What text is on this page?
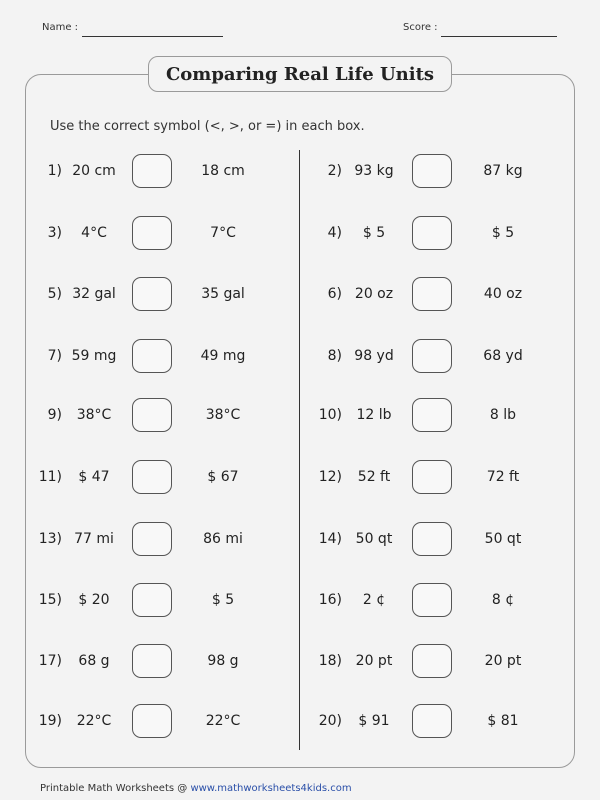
Name :	Score :
Comparing Real Life Units
Use the correct symbol (<, >, or =) in each box.
1) 20 cm	18 cm	2) 93 kg	87 kg
3)	4°C	7°C	4)	$ 5	$ 5
5) 32 gal	35 gal	6) 20 oz	40 oz
7) 59 mg	49 mg	8) 98 yd	68 yd
9)	38°C	38°C	10)	12 lb	8 lb
11)	$ 47	$ 67	12)	52 ft	72 ft
13) 77 mi	86 mi	14) 50 qt	50 qt
15)	$ 20	$ 5	16)	2 ¢	8 ¢
17)	68 g	98 g	18) 20 pt	20 pt
19)	22°C	22°C	20)	$ 91	$ 81
Printable Math Worksheets @ www.mathworksheets4kids.com
